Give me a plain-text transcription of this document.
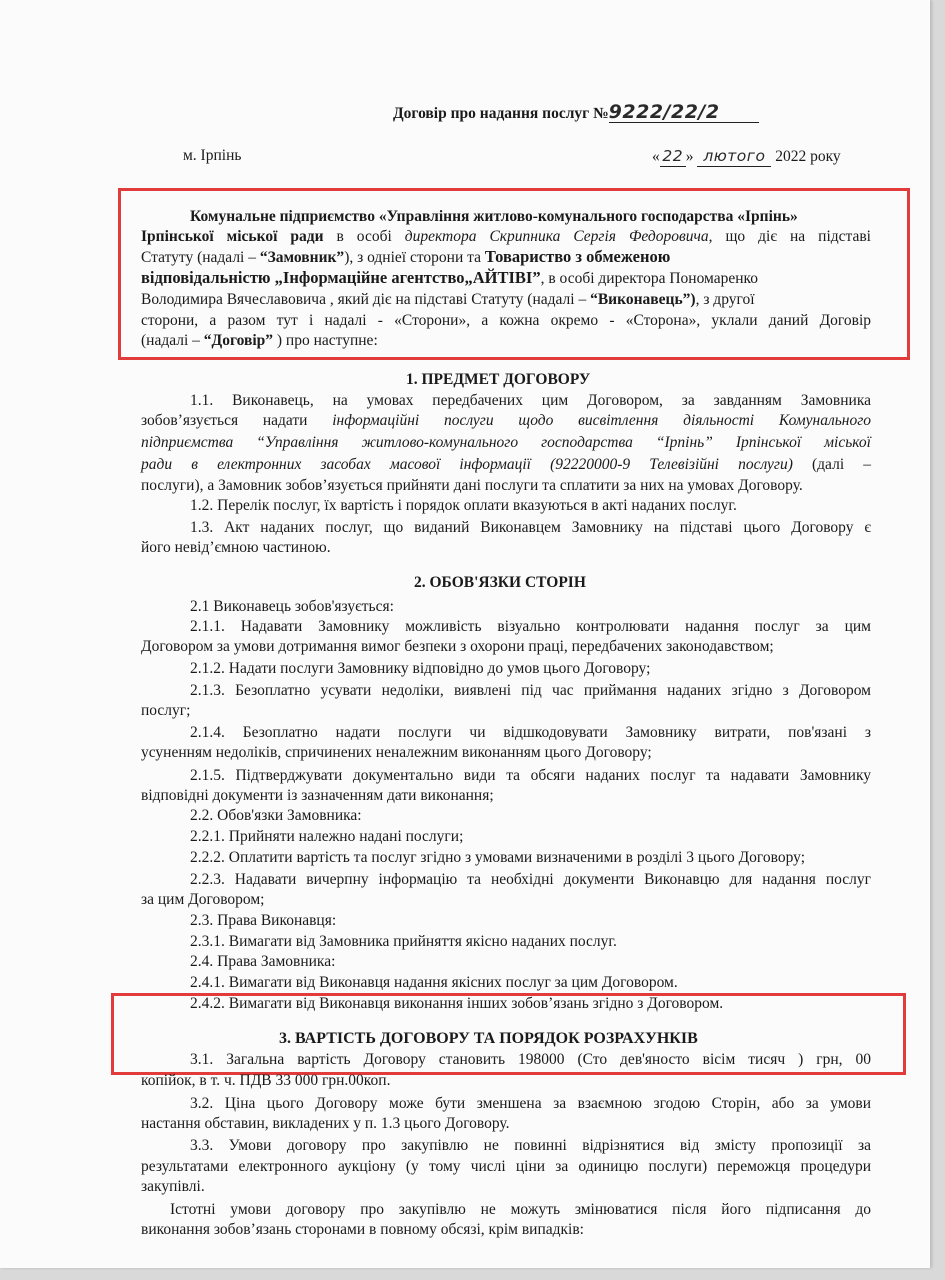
Договір про надання послуг №9222/22/2
м. Ірпінь	« 22 » лютого 2022 року
Комунальне підприємство «Управління житлово-комунального господарства «Ірпінь»
Ірпінської міської ради в особі директора Скрипника Сергія Федоровича, що діє на підставі
Статуту (надалі – “Замовник”), з одніеї сторони та Товариство з обмеженою
відповідальністю „Інформаційне агентство„АЙТІВІ”, в особі директора Пономаренко
Володимира Вячеславовича , який діє на підставі Статуту (надалі – “Виконавець”), з другої
сторони, а разом тут і надалі - «Сторони», а кожна окремо - «Сторона», уклали даний Договір
(надалі – “Договір” ) про наступне:
1. ПРЕДМЕТ ДОГОВОРУ
1.1. Виконавець, на умовах передбачених цим Договором, за завданням Замовника
зобов’язується надати інформаційні послуги щодо висвітлення діяльності Комунального
підприємства “Управління житлово-комунального господарства “Ірпінь” Ірпінської міської
ради в електронних засобах масової інформації (92220000-9 Телевізійні послуги) (далі –
послуги), а Замовник зобов’язується прийняти дані послуги та сплатити за них на умовах Договору.
1.2. Перелік послуг, їх вартість і порядок оплати вказуються в акті наданих послуг.
1.3. Акт наданих послуг, що виданий Виконавцем Замовнику на підставі цього Договору є
його невід’ємною частиною.
2. ОБОВ'ЯЗКИ СТОРІН
2.1 Виконавець зобов'язується:
2.1.1. Надавати Замовнику можливість візуально контролювати надання послуг за цим
Договором за умови дотримання вимог безпеки з охорони праці, передбачених законодавством;
2.1.2. Надати послуги Замовнику відповідно до умов цього Договору;
2.1.3. Безоплатно усувати недоліки, виявлені під час приймання наданих згідно з Договором
послуг;
2.1.4. Безоплатно надати послуги чи відшкодовувати Замовнику витрати, пов'язані з
усуненням недоліків, спричинених неналежним виконанням цього Договору;
2.1.5. Підтверджувати документально види та обсяги наданих послуг та надавати Замовнику
відповідні документи із зазначенням дати виконання;
2.2. Обов'язки Замовника:
2.2.1. Прийняти належно надані послуги;
2.2.2. Оплатити вартість та послуг згідно з умовами визначеними в розділі 3 цього Договору;
2.2.3. Надавати вичерпну інформацію та необхідні документи Виконавцю для надання послуг
за цим Договором;
2.3. Права Виконавця:
2.3.1. Вимагати від Замовника прийняття якісно наданих послуг.
2.4. Права Замовника:
2.4.1. Вимагати від Виконавця надання якісних послуг за цим Договором.
2.4.2. Вимагати від Виконавця виконання інших зобов’язань згідно з Договором.
3. ВАРТІСТЬ ДОГОВОРУ ТА ПОРЯДОК РОЗРАХУНКІВ
3.1. Загальна вартість Договору становить 198000 (Сто дев'яносто вісім тисяч ) грн, 00
копійок, в т. ч. ПДВ 33 000 грн.00коп.
3.2. Ціна цього Договору може бути зменшена за взаємною згодою Сторін, або за умови
настання обставин, викладених у п. 1.3 цього Договору.
3.3. Умови договору про закупівлю не повинні відрізнятися від змісту пропозиції за
результатами електронного аукціону (у тому числі ціни за одиницю послуги) переможця процедури
закупівлі.
Істотні умови договору про закупівлю не можуть змінюватися після його підписання до
виконання зобов’язань сторонами в повному обсязі, крім випадків:
